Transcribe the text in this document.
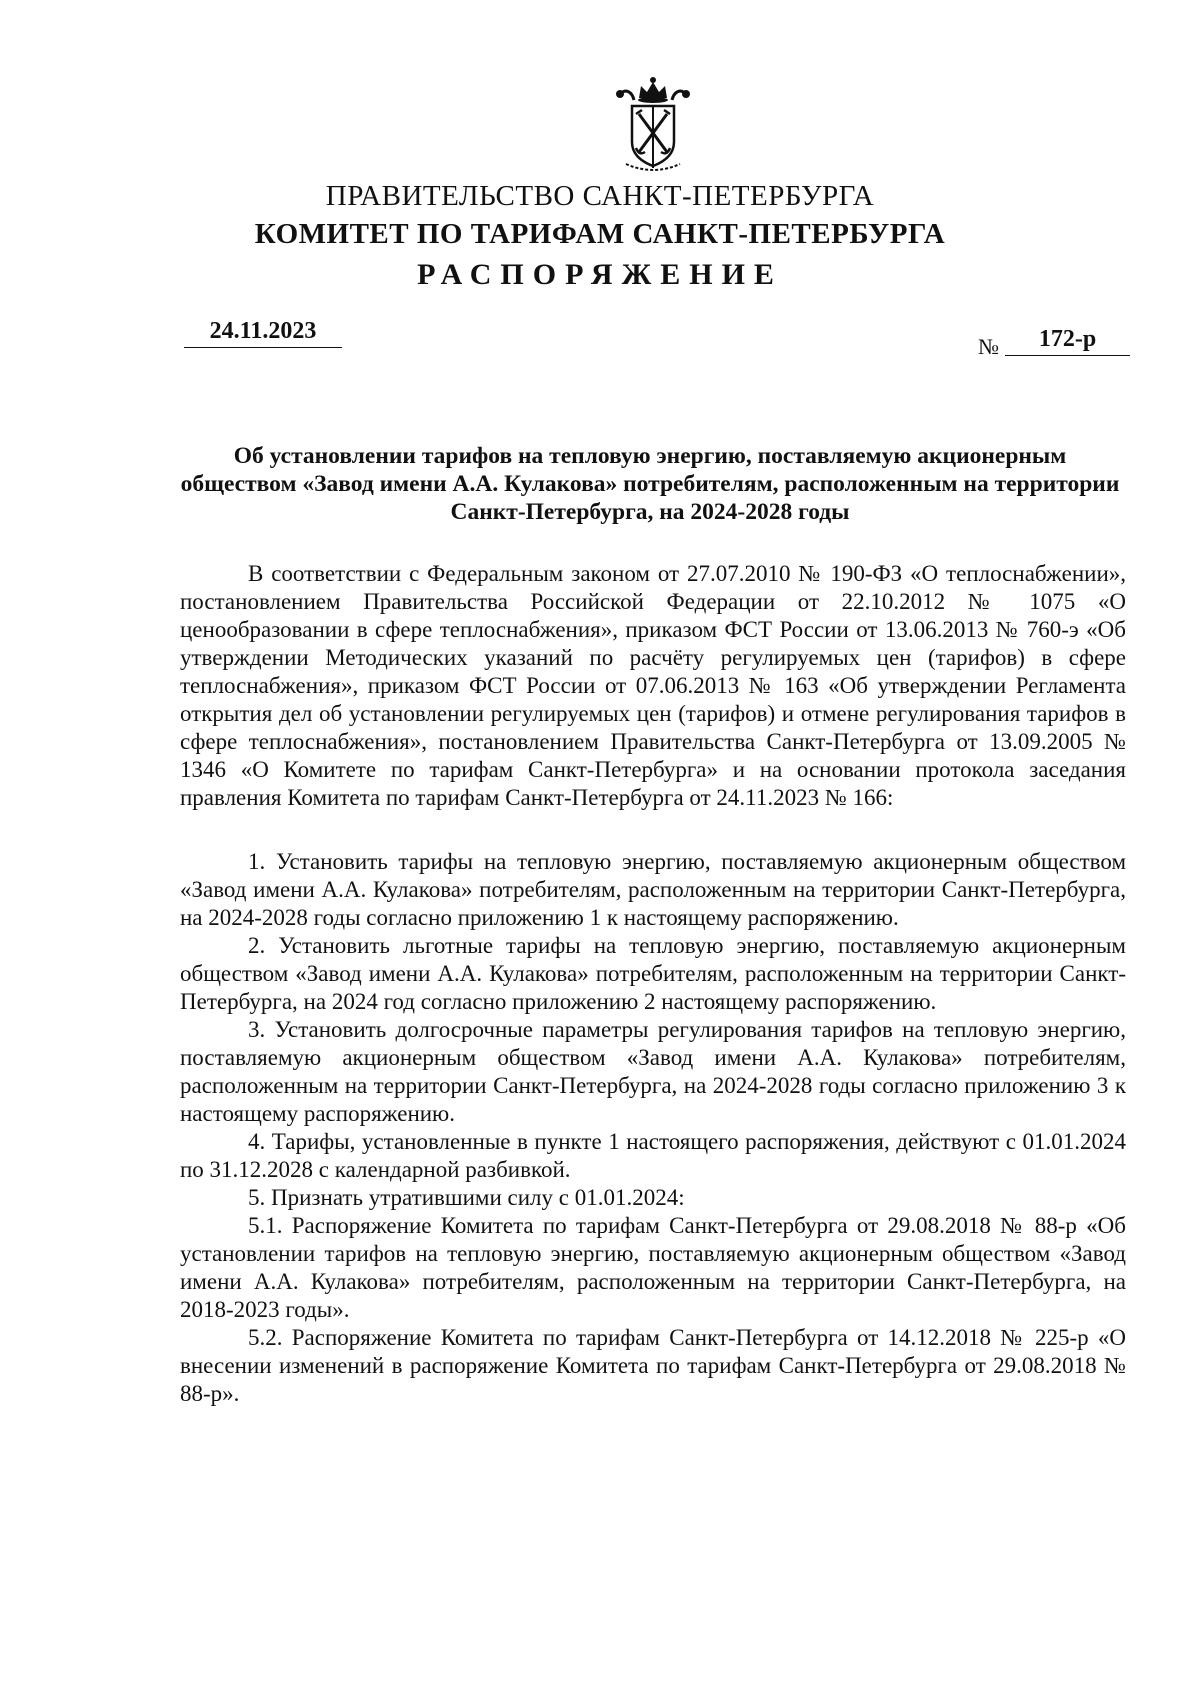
ПРАВИТЕЛЬСТВО САНКТ-ПЕТЕРБУРГА
КОМИТЕТ ПО ТАРИФАМ САНКТ-ПЕТЕРБУРГА
РАСПОРЯЖЕНИЕ
24.11.2023
№	172-р
Об установлении тарифов на тепловую энергию, поставляемую акционерным обществом «Завод имени А.А. Кулакова» потребителям, расположенным на территории Санкт-Петербурга, на 2024-2028 годы

В соответствии с Федеральным законом от 27.07.2010 № 190-ФЗ «О теплоснабжении», постановлением Правительства Российской Федерации от 22.10.2012 № 1075 «О ценообразовании в сфере теплоснабжения», приказом ФСТ России от 13.06.2013 № 760-э «Об утверждении Методических указаний по расчёту регулируемых цен (тарифов) в сфере теплоснабжения», приказом ФСТ России от 07.06.2013 № 163 «Об утверждении Регламента открытия дел об установлении регулируемых цен (тарифов) и отмене регулирования тарифов в сфере теплоснабжения», постановлением Правительства Санкт-Петербурга от 13.09.2005 № 1346 «О Комитете по тарифам Санкт-Петербурга» и на основании протокола заседания правления Комитета по тарифам Санкт-Петербурга от 24.11.2023 № 166:

1. Установить тарифы на тепловую энергию, поставляемую акционерным обществом «Завод имени А.А. Кулакова» потребителям, расположенным на территории Санкт-Петербурга, на 2024-2028 годы согласно приложению 1 к настоящему распоряжению.

2. Установить льготные тарифы на тепловую энергию, поставляемую акционерным обществом «Завод имени А.А. Кулакова» потребителям, расположенным на территории Санкт-Петербурга, на 2024 год согласно приложению 2 настоящему распоряжению.

3. Установить долгосрочные параметры регулирования тарифов на тепловую энергию, поставляемую акционерным обществом «Завод имени А.А. Кулакова» потребителям, расположенным на территории Санкт-Петербурга, на 2024-2028 годы согласно приложению 3 к настоящему распоряжению.

4. Тарифы, установленные в пункте 1 настоящего распоряжения, действуют с 01.01.2024 по 31.12.2028 с календарной разбивкой.

5. Признать утратившими силу с 01.01.2024:

5.1. Распоряжение Комитета по тарифам Санкт-Петербурга от 29.08.2018 № 88-р «Об установлении тарифов на тепловую энергию, поставляемую акционерным обществом «Завод имени А.А. Кулакова» потребителям, расположенным на территории Санкт-Петербурга, на 2018-2023 годы».

5.2. Распоряжение Комитета по тарифам Санкт-Петербурга от 14.12.2018 № 225-р «О внесении изменений в распоряжение Комитета по тарифам Санкт-Петербурга от 29.08.2018 № 88-р».
